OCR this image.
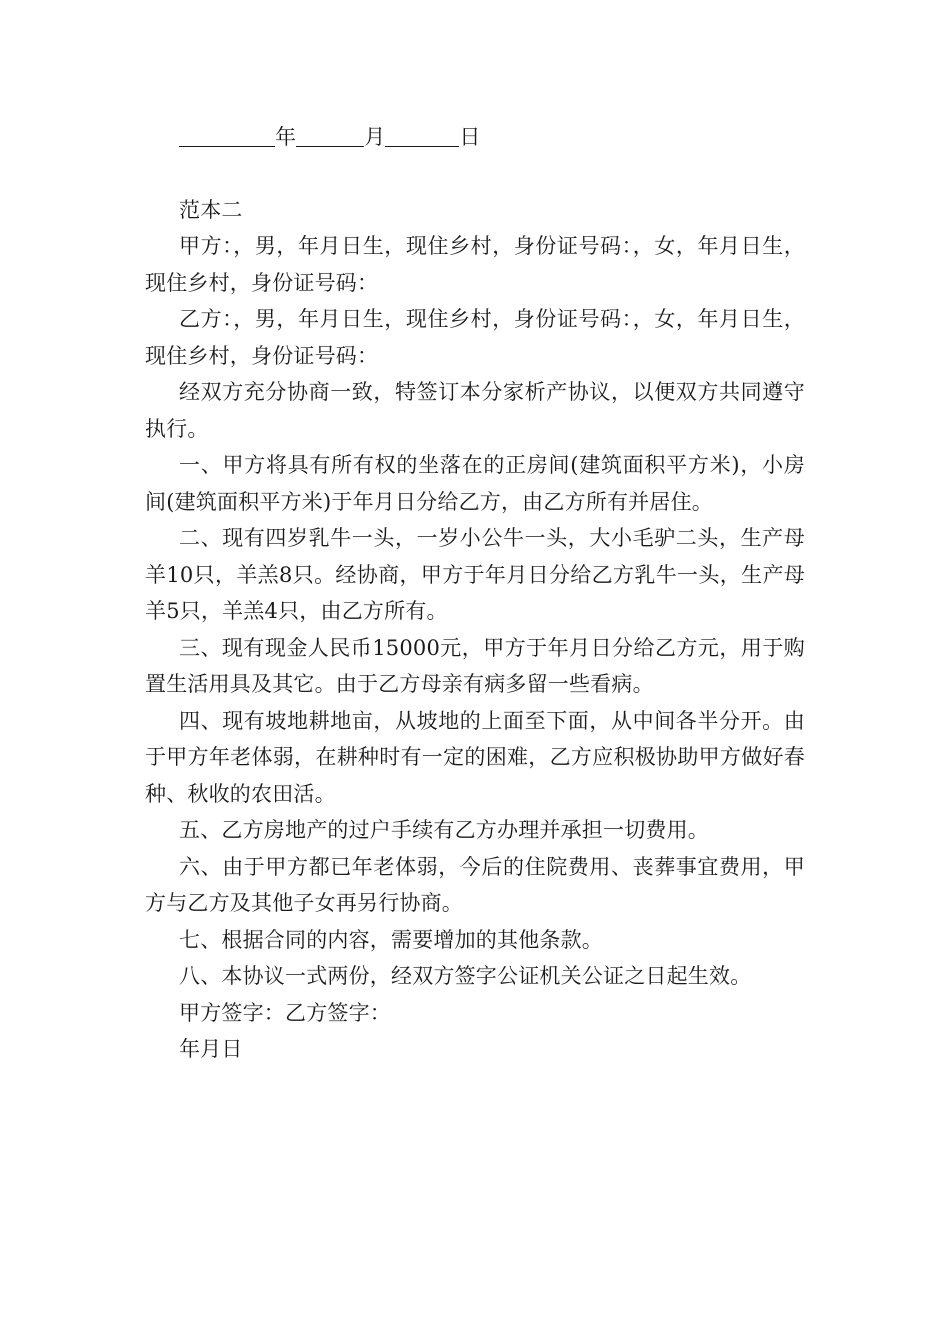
年	月	日

范本二

甲方：，男，年月日生，现住乡村，身份证号码：，女，年月日生，现住乡村，身份证号码：

乙方：，男，年月日生，现住乡村，身份证号码：，女，年月日生，现住乡村，身份证号码：

经双方充分协商一致，特签订本分家析产协议，以便双方共同遵守执行。

一、甲方将具有所有权的坐落在的正房间(建筑面积平方米)，小房间(建筑面积平方米)于年月日分给乙方，由乙方所有并居住。

二、现有四岁乳牛一头，一岁小公牛一头，大小毛驴二头，生产母羊10只，羊羔8只。经协商，甲方于年月日分给乙方乳牛一头，生产母羊5只，羊羔4只，由乙方所有。

三、现有现金人民币15000元，甲方于年月日分给乙方元，用于购置生活用具及其它。由于乙方母亲有病多留一些看病。

四、现有坡地耕地亩，从坡地的上面至下面，从中间各半分开。由于甲方年老体弱，在耕种时有一定的困难，乙方应积极协助甲方做好春种、秋收的农田活。

五、乙方房地产的过户手续有乙方办理并承担一切费用。

六、由于甲方都已年老体弱，今后的住院费用、丧葬事宜费用，甲方与乙方及其他子女再另行协商。

七、根据合同的内容，需要增加的其他条款。

八、本协议一式两份，经双方签字公证机关公证之日起生效。

甲方签字：乙方签字：

年月日
